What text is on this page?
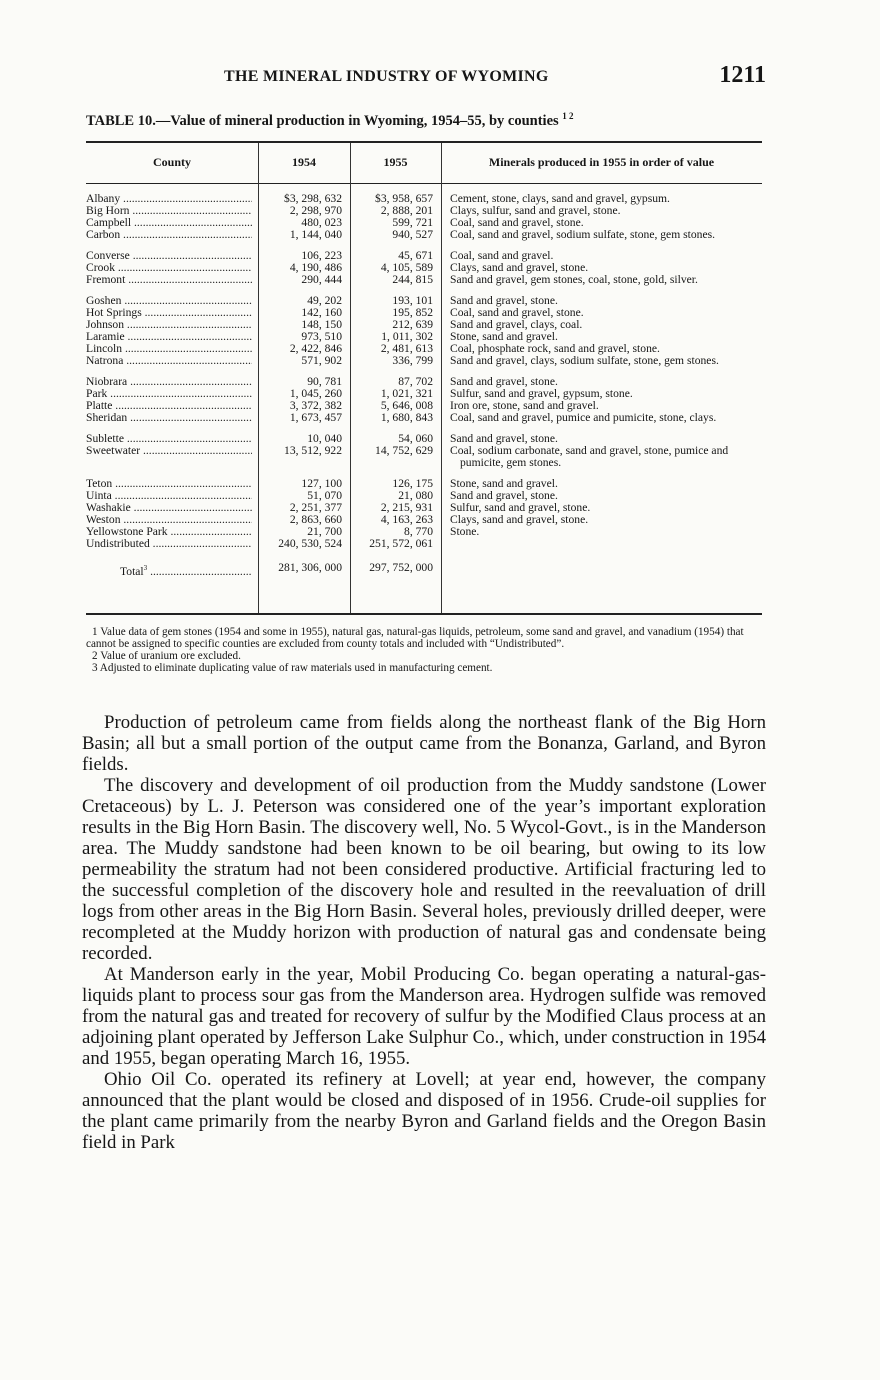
THE MINERAL INDUSTRY OF WYOMING	1211
TABLE 10.—Value of mineral production in Wyoming, 1954–55, by counties $^{1 2}$
County	1954	1955	Minerals produced in 1955 in order of value
Albany .....	$3, 298, 632	$3, 958, 657 Cement, stone, clays, sand and gravel, gypsum.
Big Horn .....	2, 298, 970	2, 888, 201 Clays, sulfur, sand and gravel, stone.
Campbell .....	480, 023	599, 721 Coal, sand and gravel, stone.
Carbon .....	1, 144, 040	940, 527 Coal, sand and gravel, sodium sulfate, stone, gem stones.
Converse .....	106, 223	45, 671 Coal, sand and gravel.
Crook .....	4, 190, 486	4, 105, 589 Clays, sand and gravel, stone.
Fremont .....	290, 444	244, 815 Sand and gravel, gem stones, coal, stone, gold, silver.
Goshen .....	49, 202	193, 101 Sand and gravel, stone.
Hot Springs .....	142, 160	195, 852 Coal, sand and gravel, stone.
Johnson .....	148, 150	212, 639 Sand and gravel, clays, coal.
Laramie .....	973, 510	1, 011, 302 Stone, sand and gravel.
Lincoln .....	2, 422, 846	2, 481, 613 Coal, phosphate rock, sand and gravel, stone.
Natrona .....	571, 902	336, 799 Sand and gravel, clays, sodium sulfate, stone, gem stones.
Niobrara .....	90, 781	87, 702 Sand and gravel, stone.
Park .....	1, 045, 260	1, 021, 321 Sulfur, sand and gravel, gypsum, stone.
Platte .....	3, 372, 382	5, 646, 008 Iron ore, stone, sand and gravel.
Sheridan .....	1, 673, 457	1, 680, 843 Coal, sand and gravel, pumice and pumicite, stone, clays.
Sublette .....	10, 040	54, 060 Sand and gravel, stone.
Sweetwater .....	13, 512, 922	14, 752, 629 Coal, sodium carbonate, sand and gravel, stone, pumice and pumicite, gem stones.
Teton .....	127, 100	126, 175 Stone, sand and gravel.
Uinta .....	51, 070	21, 080 Sand and gravel, stone.
Washakie .....	2, 251, 377	2, 215, 931 Sulfur, sand and gravel, stone.
Weston .....	2, 863, 660	4, 163, 263 Clays, sand and gravel, stone.
Yellowstone Park .....	21, 700	8, 770 Stone.
Undistributed .....	240, 530, 524	251, 572, 061
Total$^3$ .....	281, 306, 000	297, 752, 000

1 Value data of gem stones (1954 and some in 1955), natural gas, natural-gas liquids, petroleum, some sand and gravel, and vanadium (1954) that cannot be assigned to specific counties are excluded from county totals and included with “Undistributed”.

2 Value of uranium ore excluded.

3 Adjusted to eliminate duplicating value of raw materials used in manufacturing cement.

Production of petroleum came from fields along the northeast flank of the Big Horn Basin; all but a small portion of the output came from the Bonanza, Garland, and Byron fields.

The discovery and development of oil production from the Muddy sandstone (Lower Cretaceous) by L. J. Peterson was considered one of the year’s important exploration results in the Big Horn Basin. The discovery well, No. 5 Wycol-Govt., is in the Manderson area. The Muddy sandstone had been known to be oil bearing, but owing to its low permeability the stratum had not been considered productive. Artificial fracturing led to the successful completion of the discovery hole and resulted in the reevaluation of drill logs from other areas in the Big Horn Basin. Several holes, previously drilled deeper, were recompleted at the Muddy horizon with production of natural gas and condensate being recorded.

At Manderson early in the year, Mobil Producing Co. began operating a natural-gas-liquids plant to process sour gas from the Manderson area. Hydrogen sulfide was removed from the natural gas and treated for recovery of sulfur by the Modified Claus process at an adjoining plant operated by Jefferson Lake Sulphur Co., which, under construction in 1954 and 1955, began operating March 16, 1955.

Ohio Oil Co. operated its refinery at Lovell; at year end, however, the company announced that the plant would be closed and disposed of in 1956. Crude-oil supplies for the plant came primarily from the nearby Byron and Garland fields and the Oregon Basin field in Park
